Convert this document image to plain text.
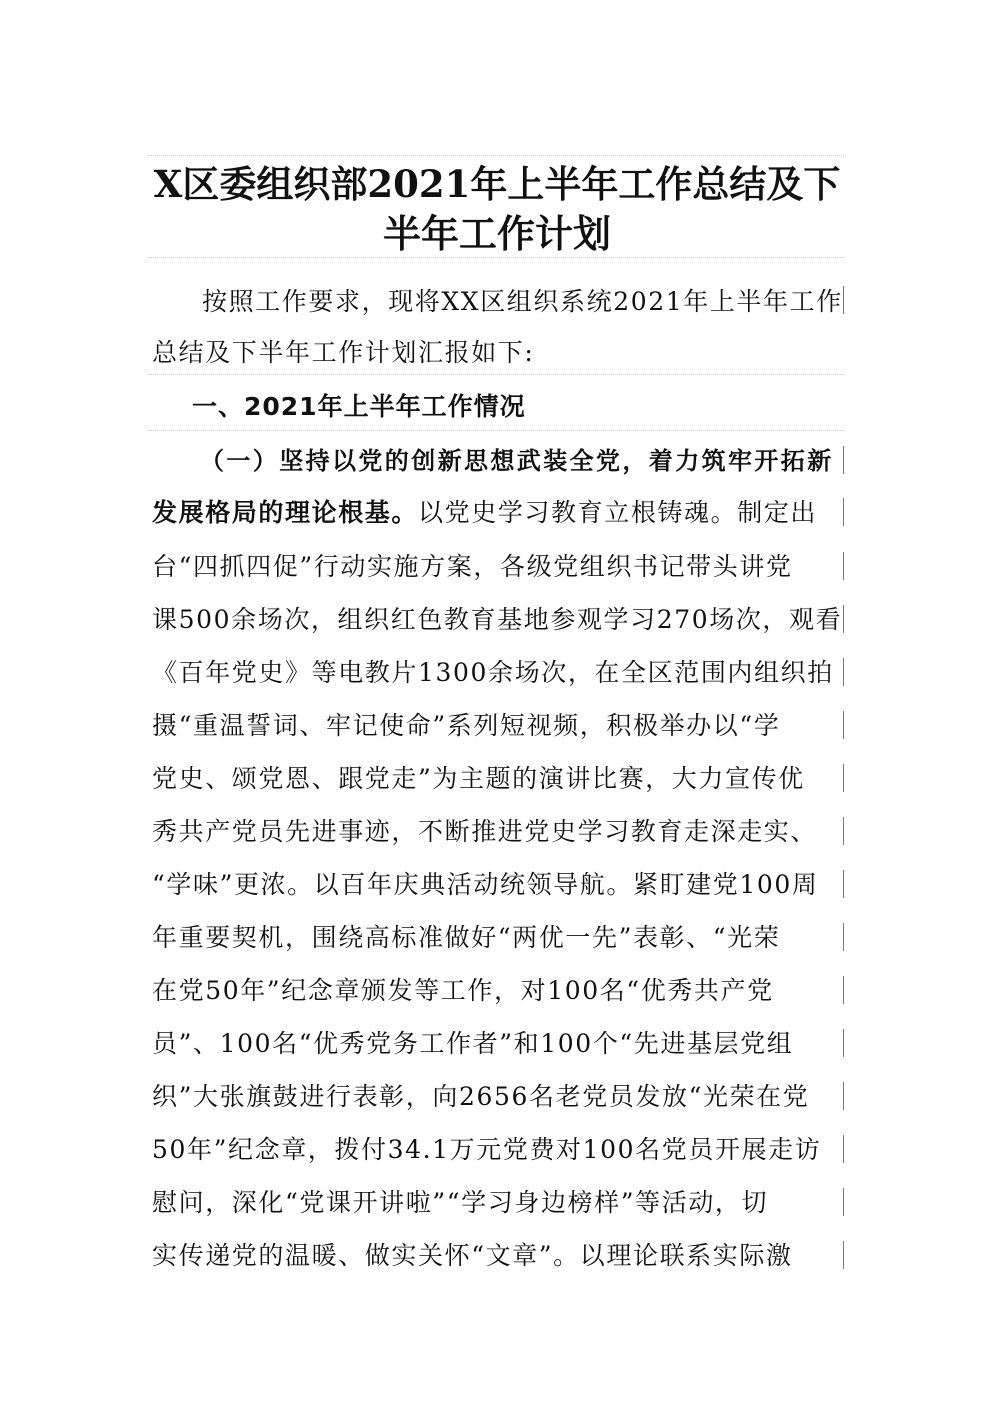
X区委组织部2021年上半年工作总结及下
半年工作计划
按照工作要求，现将XX区组织系统2021年上半年工作
总结及下半年工作计划汇报如下:
一、2021年上半年工作情况
（一）坚持以党的创新思想武装全党，着力筑牢开拓新
发展格局的理论根基。以党史学习教育立根铸魂。制定出
台“四抓四促”行动实施方案，各级党组织书记带头讲党
课500余场次，组织红色教育基地参观学习270场次，观看
《百年党史》等电教片1300余场次，在全区范围内组织拍
摄“重温誓词、牢记使命”系列短视频，积极举办以“学
党史、颂党恩、跟党走”为主题的演讲比赛，大力宣传优
秀共产党员先进事迹，不断推进党史学习教育走深走实、
“学味”更浓。以百年庆典活动统领导航。紧盯建党100周
年重要契机，围绕高标准做好“两优一先”表彰、“光荣
在党50年”纪念章颁发等工作，对100名“优秀共产党
员”、100名“优秀党务工作者”和100个“先进基层党组
织”大张旗鼓进行表彰，向2656名老党员发放“光荣在党
50年”纪念章，拨付34.1万元党费对100名党员开展走访
慰问，深化“党课开讲啦”“学习身边榜样”等活动，切
实传递党的温暖、做实关怀“文章”。以理论联系实际激
